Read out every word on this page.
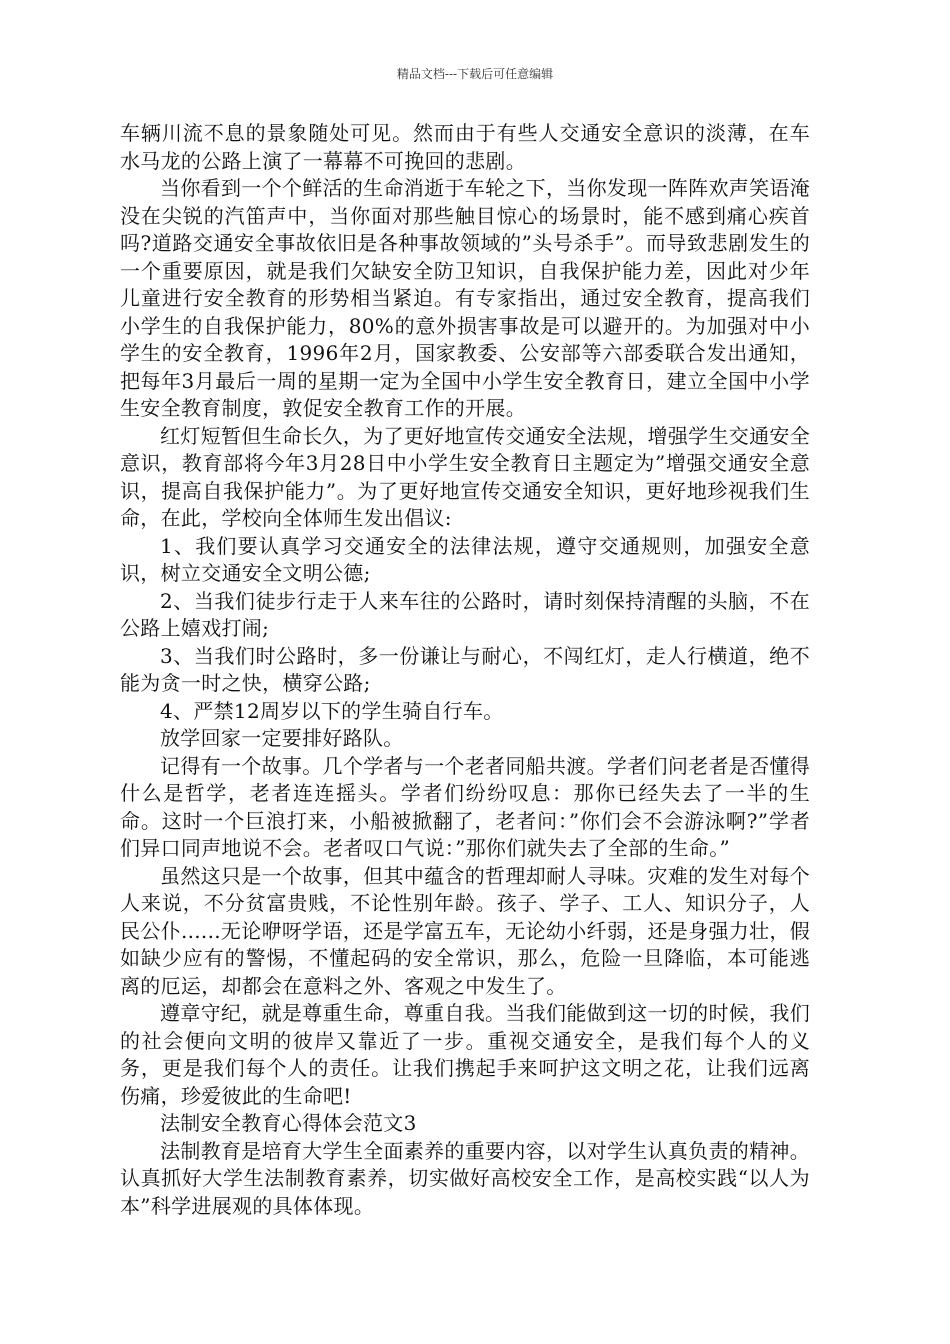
精品文档---下载后可任意编辑

车辆川流不息的景象随处可见。然而由于有些人交通安全意识的淡薄，在车水马龙的公路上演了一幕幕不可挽回的悲剧。

当你看到一个个鲜活的生命消逝于车轮之下，当你发现一阵阵欢声笑语淹没在尖锐的汽笛声中，当你面对那些触目惊心的场景时，能不感到痛心疾首吗?道路交通安全事故依旧是各种事故领域的”头号杀手”。而导致悲剧发生的一个重要原因，就是我们欠缺安全防卫知识，自我保护能力差，因此对少年儿童进行安全教育的形势相当紧迫。有专家指出，通过安全教育，提高我们小学生的自我保护能力，80%的意外损害事故是可以避开的。为加强对中小学生的安全教育，1996年2月，国家教委、公安部等六部委联合发出通知，把每年3月最后一周的星期一定为全国中小学生安全教育日，建立全国中小学生安全教育制度，敦促安全教育工作的开展。

红灯短暂但生命长久，为了更好地宣传交通安全法规，增强学生交通安全意识，教育部将今年3月28日中小学生安全教育日主题定为”增强交通安全意识，提高自我保护能力”。为了更好地宣传交通安全知识，更好地珍视我们生命，在此，学校向全体师生发出倡议:

1、我们要认真学习交通安全的法律法规，遵守交通规则，加强安全意识，树立交通安全文明公德;

2、当我们徒步行走于人来车往的公路时，请时刻保持清醒的头脑，不在公路上嬉戏打闹;

3、当我们时公路时，多一份谦让与耐心，不闯红灯，走人行横道，绝不能为贪一时之快，横穿公路;

4、严禁12周岁以下的学生骑自行车。

放学回家一定要排好路队。

记得有一个故事。几个学者与一个老者同船共渡。学者们问老者是否懂得什么是哲学，老者连连摇头。学者们纷纷叹息：那你已经失去了一半的生命。这时一个巨浪打来，小船被掀翻了，老者问：”你们会不会游泳啊?”学者们异口同声地说不会。老者叹口气说：”那你们就失去了全部的生命。”

虽然这只是一个故事，但其中蕴含的哲理却耐人寻味。灾难的发生对每个人来说，不分贫富贵贱，不论性别年龄。孩子、学子、工人、知识分子，人民公仆......无论咿呀学语，还是学富五车，无论幼小纤弱，还是身强力壮，假如缺少应有的警惕，不懂起码的安全常识，那么，危险一旦降临，本可能逃离的厄运，却都会在意料之外、客观之中发生了。

遵章守纪，就是尊重生命，尊重自我。当我们能做到这一切的时候，我们的社会便向文明的彼岸又靠近了一步。重视交通安全，是我们每个人的义务，更是我们每个人的责任。让我们携起手来呵护这文明之花，让我们远离伤痛，珍爱彼此的生命吧!

法制安全教育心得体会范文3

法制教育是培育大学生全面素养的重要内容，以对学生认真负责的精神。认真抓好大学生法制教育素养，切实做好高校安全工作，是高校实践“以人为本”科学进展观的具体体现。
